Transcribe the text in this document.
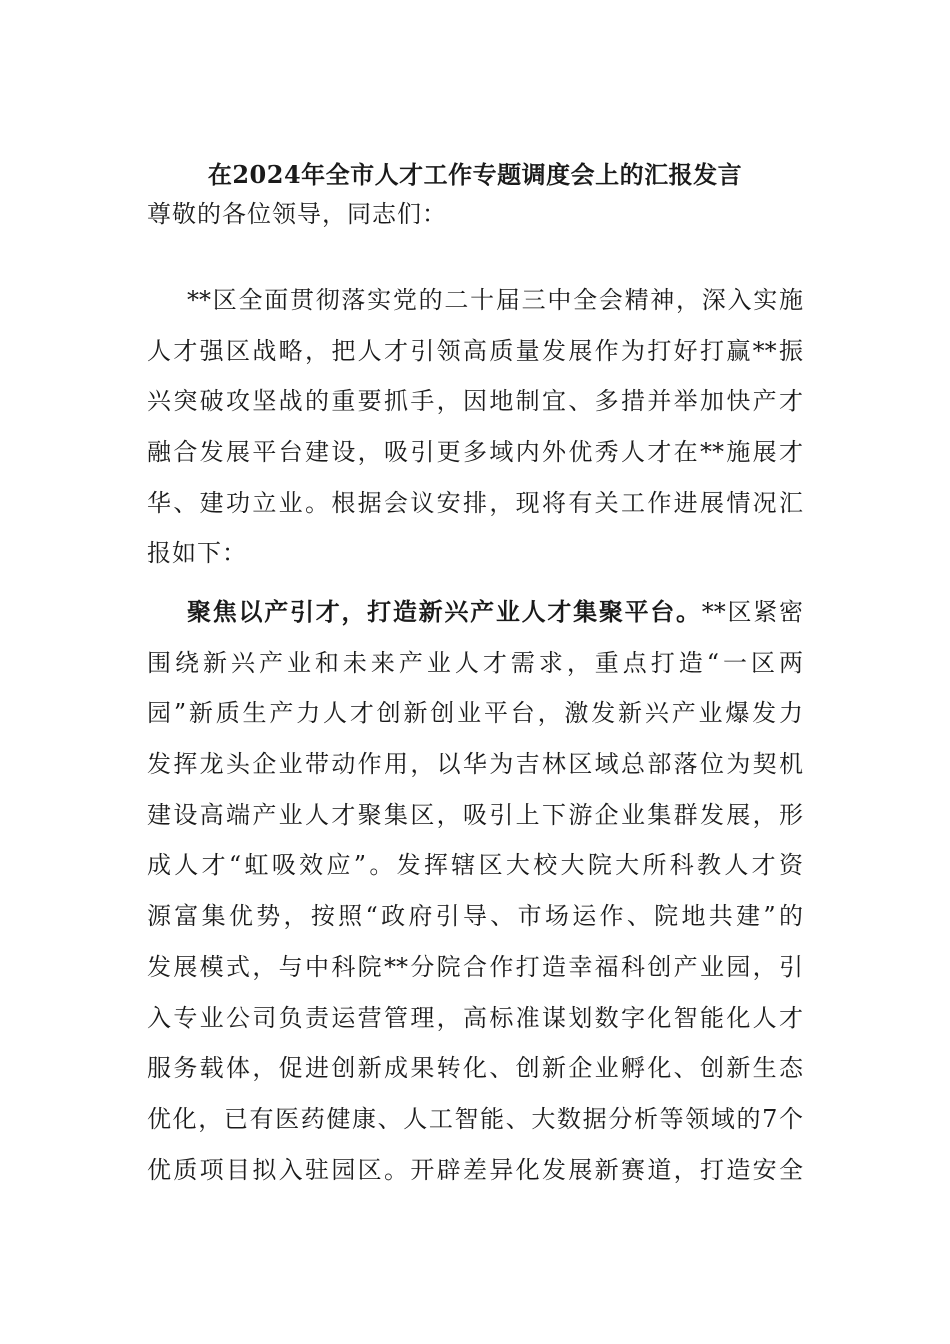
在2024年全市人才工作专题调度会上的汇报发言
尊敬的各位领导，同志们：
**区全面贯彻落实党的二十届三中全会精神，深入实施
人才强区战略，把人才引领高质量发展作为打好打赢**振
兴突破攻坚战的重要抓手，因地制宜、多措并举加快产才
融合发展平台建设，吸引更多域内外优秀人才在**施展才
华、建功立业。根据会议安排，现将有关工作进展情况汇
报如下：
聚焦以产引才，打造新兴产业人才集聚平台。**区紧密
围绕新兴产业和未来产业人才需求，重点打造“一区两
园”新质生产力人才创新创业平台，激发新兴产业爆发力
发挥龙头企业带动作用，以华为吉林区域总部落位为契机
建设高端产业人才聚集区，吸引上下游企业集群发展，形
成人才“虹吸效应”。发挥辖区大校大院大所科教人才资
源富集优势，按照“政府引导、市场运作、院地共建”的
发展模式，与中科院**分院合作打造幸福科创产业园，引
入专业公司负责运营管理，高标准谋划数字化智能化人才
服务载体，促进创新成果转化、创新企业孵化、创新生态
优化，已有医药健康、人工智能、大数据分析等领域的7个
优质项目拟入驻园区。开辟差异化发展新赛道，打造安全
